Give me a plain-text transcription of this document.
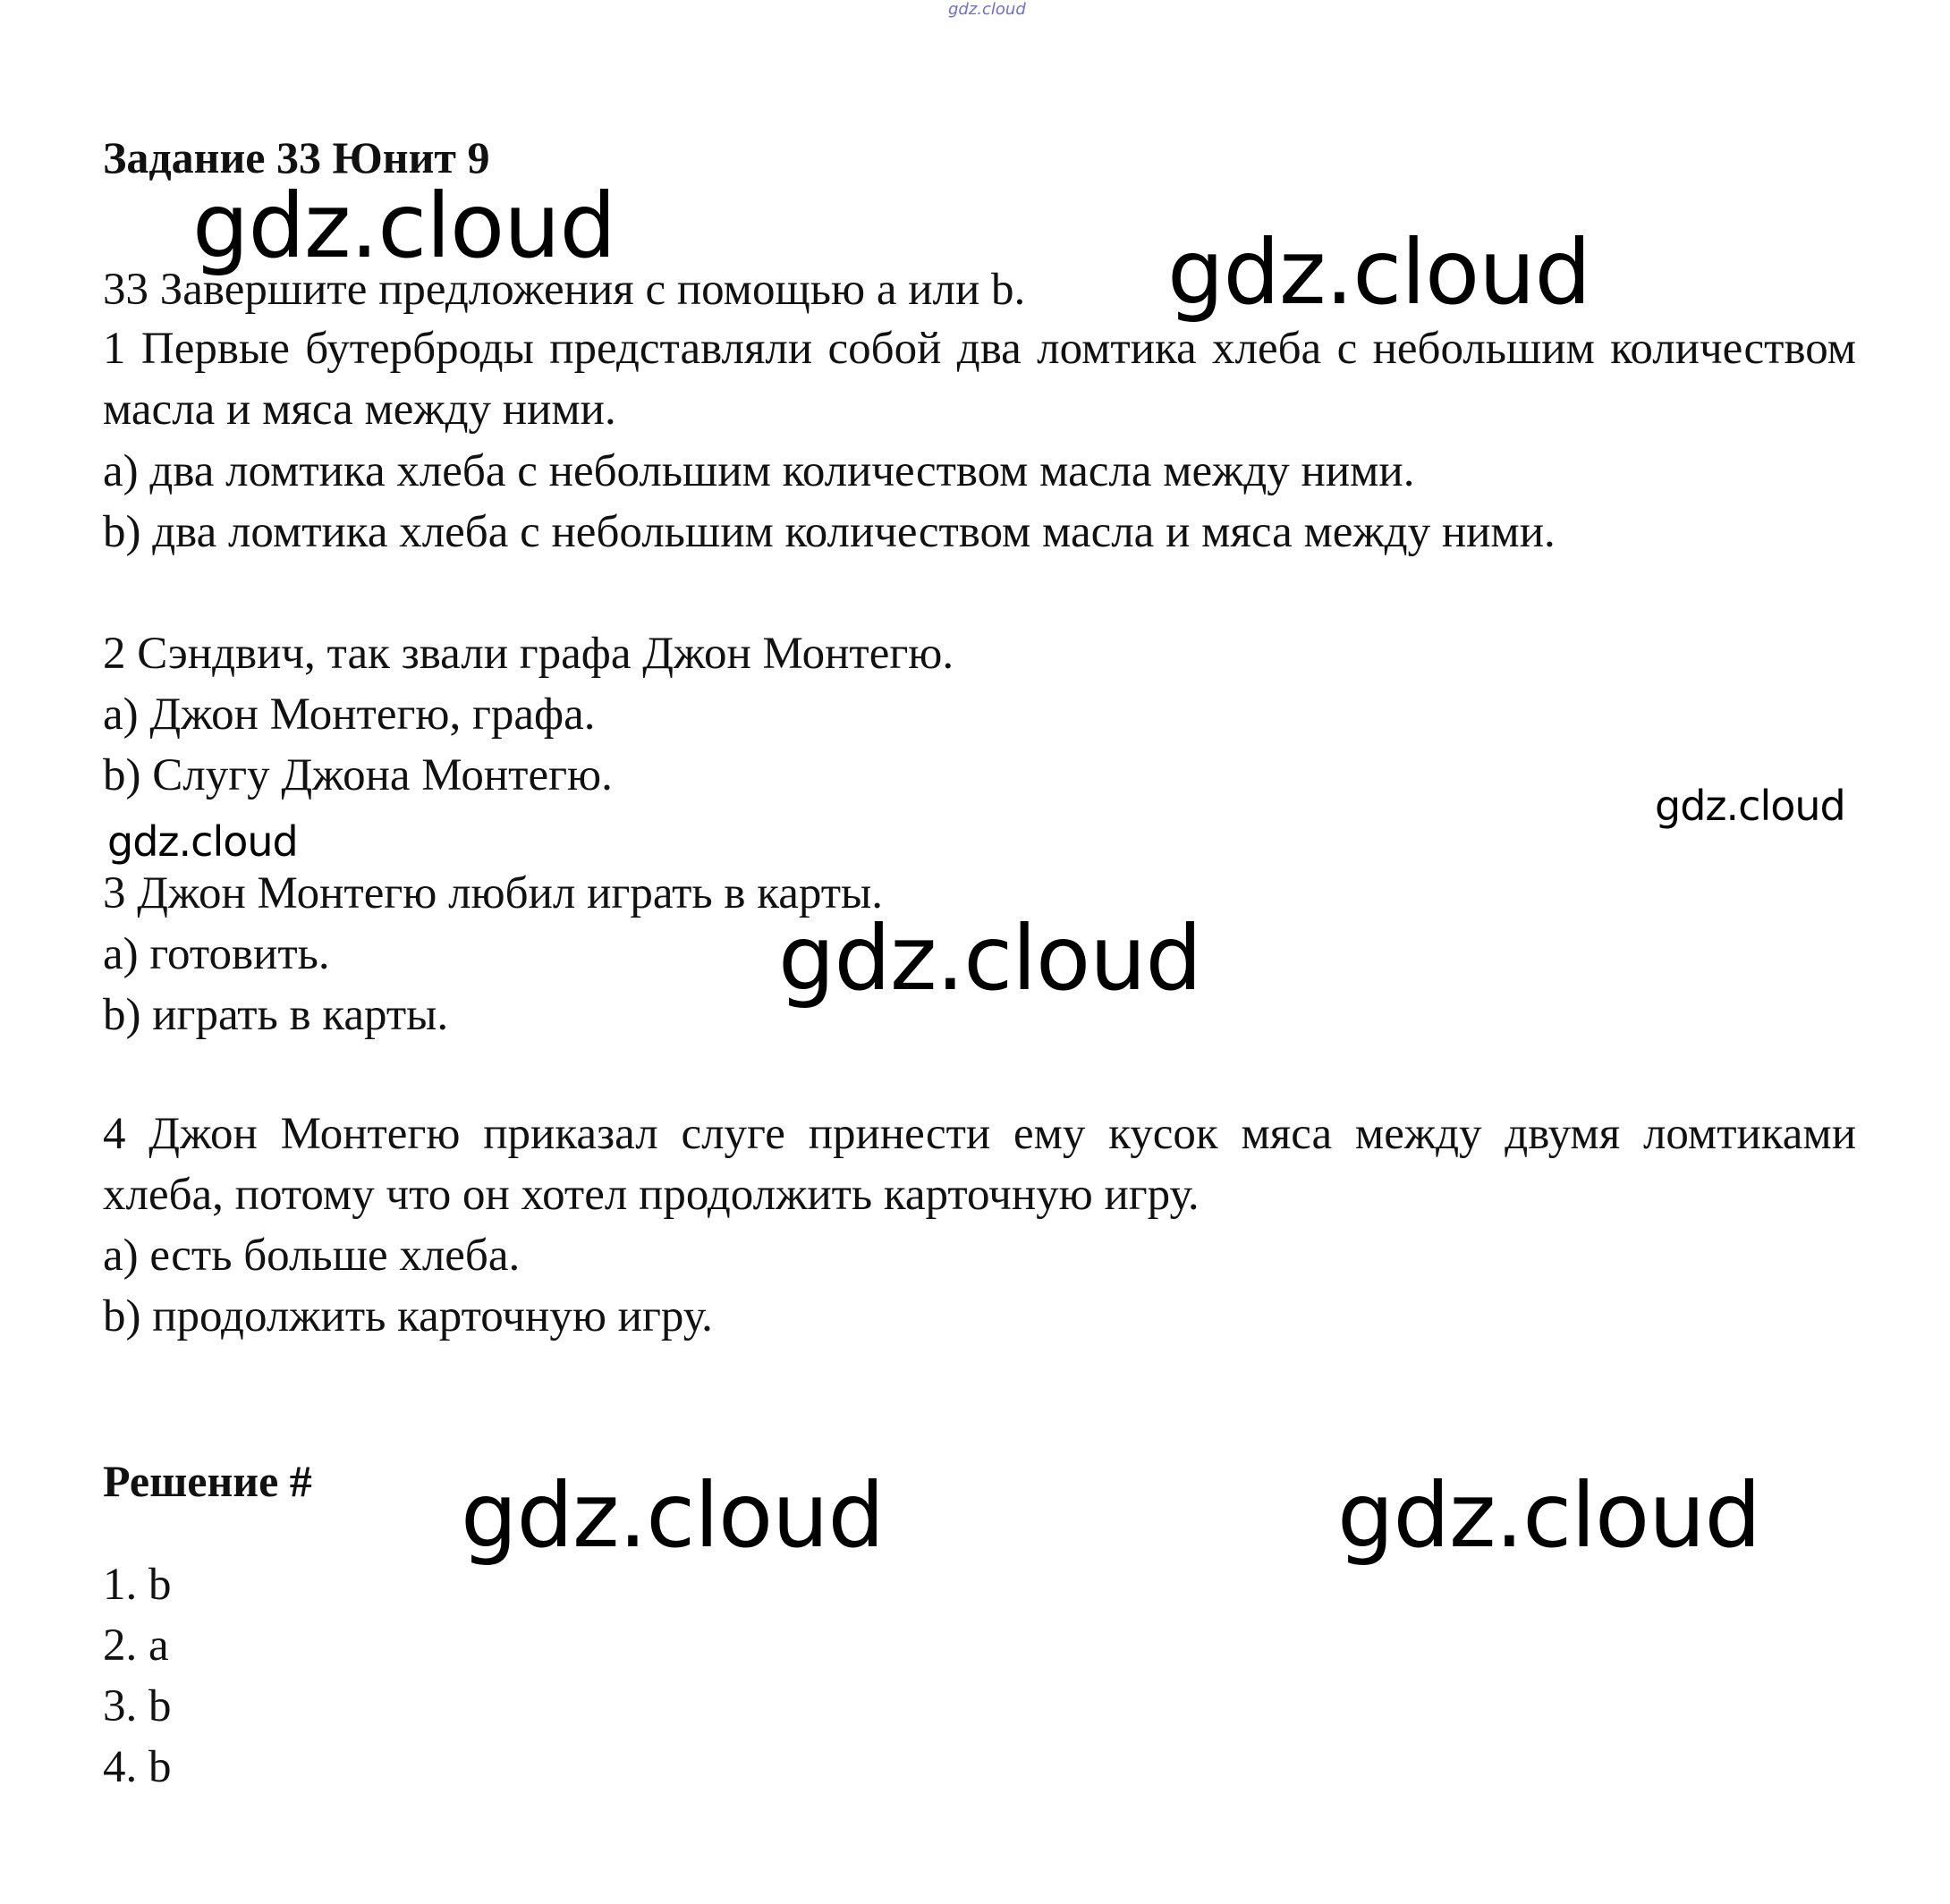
gdz.cloud
Задание 33 Юнит 9
33 Завершите предложения с помощью a или b.
1 Первые бутерброды представляли собой два ломтика хлеба с небольшим количеством масла и мяса между ними.
a) два ломтика хлеба с небольшим количеством масла между ними.
b) два ломтика хлеба с небольшим количеством масла и мяса между ними.
2 Сэндвич, так звали графа Джон Монтегю.
a) Джон Монтегю, графа.
b) Слугу Джона Монтегю.
3 Джон Монтегю любил играть в карты.
a) готовить.
b) играть в карты.
4 Джон Монтегю приказал слуге принести ему кусок мяса между двумя ломтиками хлеба, потому что он хотел продолжить карточную игру.
a) есть больше хлеба.
b) продолжить карточную игру.
Решение #
1. b
2. a
3. b
4. b
gdz.cloud	gdz.cloud
gdz.cloud
gdz.cloud
gdz.cloud
gdz.cloud	gdz.cloud
